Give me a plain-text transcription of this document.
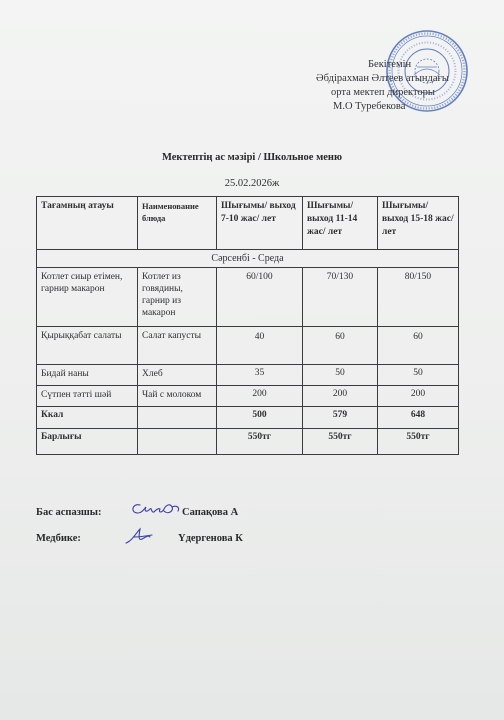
Бекітемін
Әбдірахман Әлтеев атындағы
орта мектеп директоры
М.О Туребекова
Мектептің ас мәзірі / Школьное меню
25.02.2026ж
Тағамның атауы	Наименование блюда	Шығымы/ выход 7-10 жас/ лет	Шығымы/ выход 11-14 жас/ лет	Шығымы/ выход 15-18 жас/ лет
Сәрсенбі - Среда				
Котлет сиыр етімен, гарнир макарон	Котлет из говядины, гарнир из макарон	60/100	70/130	80/150
Қырыққабат салаты	Салат капусты	40	60	60
Бидай наны	Хлеб	35	50	50
Сүтпен тәтті шәй	Чай с молоком	200	200	200
Ккал		500	579	648
Барлығы		550тг	550тг	550тг
Бас аспазшы:	Сапақова А
Медбике:	Үдергенова К
